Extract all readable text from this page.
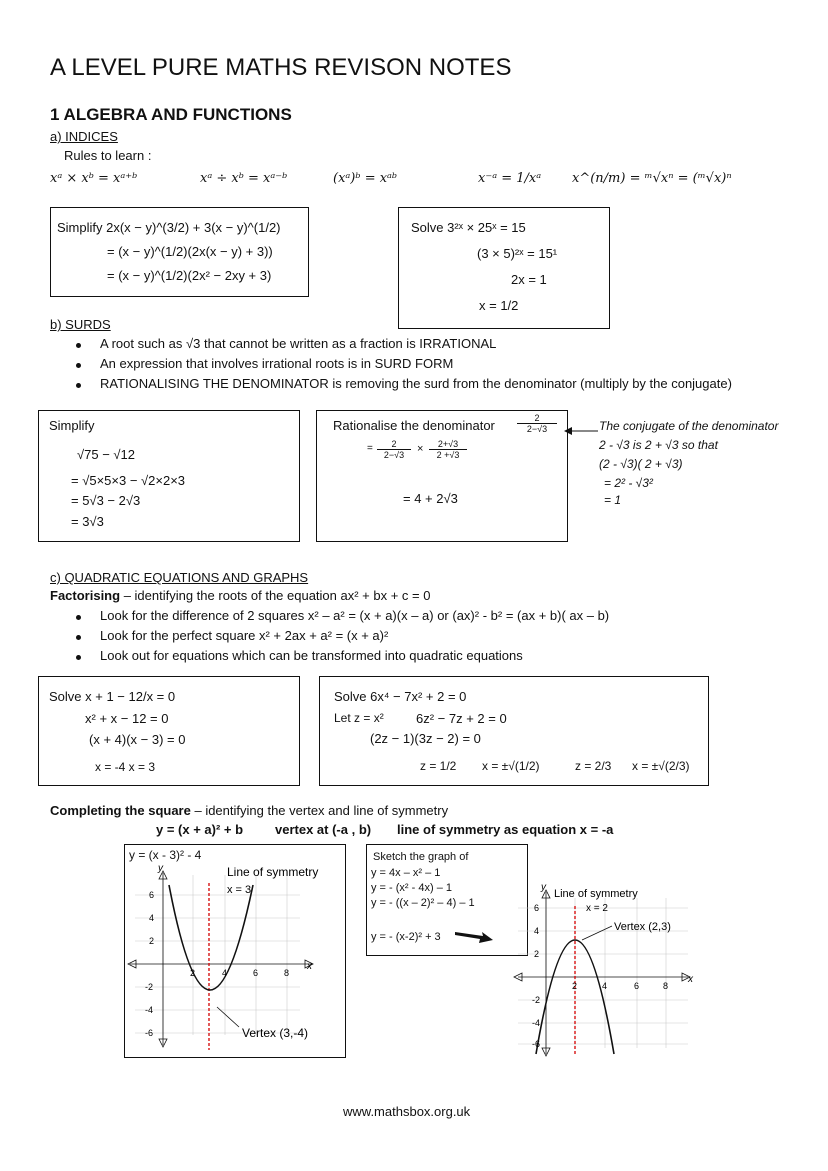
A LEVEL PURE MATHS REVISON NOTES
1 ALGEBRA AND FUNCTIONS
a) INDICES
Rules to learn :
xᵃ × xᵇ = xᵃ⁺ᵇ	xᵃ ÷ xᵇ = xᵃ⁻ᵇ	(xᵃ)ᵇ = xᵃᵇ	x⁻ᵃ = 1/xᵃ x^(n/m) = ᵐ√xⁿ = (ᵐ√x)ⁿ
Simplify 2x(x − y)^(3/2) + 3(x − y)^(1/2)
= (x − y)^(1/2)(2x(x − y) + 3))
= (x − y)^(1/2)(2x² − 2xy + 3)
Solve 3²ˣ × 25ˣ = 15
(3 × 5)²ˣ = 15¹
2x = 1
x = 1/2
b) SURDS
A root such as √3 that cannot be written as a fraction is IRRATIONAL
An expression that involves irrational roots is in SURD FORM
RATIONALISING THE DENOMINATOR is removing the surd from the denominator (multiply by the conjugate)
Simplify
√75 − √12
= √5×5×3 − √2×2×3
= 5√3 − 2√3
= 3√3
Rationalise the denominator $\frac{2}{2-√3}$
= $\frac{2}{2-√3} \times \frac{2+√3}{2 +√3}$
= 4 + 2√3
The conjugate of the denominator
2 - √3 is 2 + √3 so that
(2 - √3)( 2 + √3)
= 2² - √3²
= 1
c) QUADRATIC EQUATIONS AND GRAPHS
Factorising – identifying the roots of the equation ax² + bx + c = 0
Look for the difference of 2 squares x² – a² = (x + a)(x – a) or (ax)² - b² = (ax + b)( ax – b)
Look for the perfect square x² + 2ax + a² = (x + a)²
Look out for equations which can be transformed into quadratic equations
Solve x + 1 − 12/x = 0
x² + x − 12 = 0
(x + 4)(x − 3) = 0
x = -4 x = 3
Solve 6x⁴ − 7x² + 2 = 0
Let z = x² 6z² − 7z + 2 = 0
(2z − 1)(3z − 2) = 0
z = 1/2 x = ±√(1/2)	z = 2/3 x = ±√(2/3)
Completing the square – identifying the vertex and line of symmetry
y = (x + a)² + b vertex at (-a , b) line of symmetry as equation x = -a
y = (x - 3)² - 4
y
x
Line of symmetry
x = 3
Vertex (3,-4)
2	4	6	8
6
4
2
-2
-4
-6
Sketch the graph of
y = 4x – x² – 1
y = - (x² - 4x) – 1
y = - ((x – 2)² – 4) – 1
y = - (x-2)² + 3
y
x
Line of symmetry
x = 2
Vertex (2,3)
2	4	6	8
6
4
2
-2
-4
-6
www.mathsbox.org.uk
